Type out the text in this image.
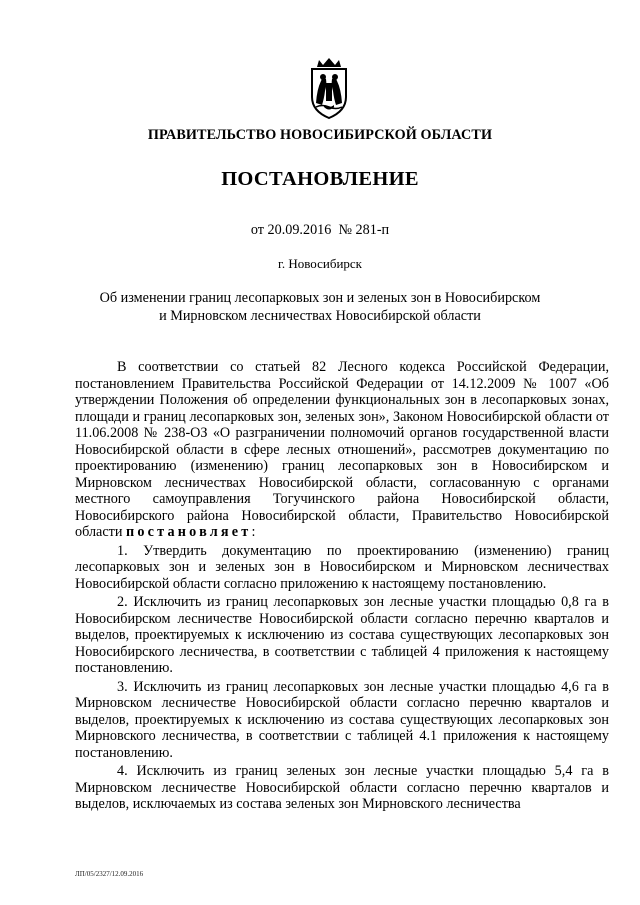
ПРАВИТЕЛЬСТВО НОВОСИБИРСКОЙ ОБЛАСТИ
ПОСТАНОВЛЕНИЕ
от 20.09.2016 № 281-п
г. Новосибирск
Об изменении границ лесопарковых зон и зеленых зон в Новосибирском
и Мирновском лесничествах Новосибирской области

В соответствии со статьей 82 Лесного кодекса Российской Федерации, постановлением Правительства Российской Федерации от 14.12.2009 № 1007 «Об утверждении Положения об определении функциональных зон в лесопарковых зонах, площади и границ лесопарковых зон, зеленых зон», Законом Новосибирской области от 11.06.2008 № 238-ОЗ «О разграничении полномочий органов государственной власти Новосибирской области в сфере лесных отношений», рассмотрев документацию по проектированию (изменению) границ лесопарковых зон в Новосибирском и Мирновском лесничествах Новосибирской области, согласованную с органами местного самоуправления Тогучинского района Новосибирской области, Новосибирского района Новосибирской области, Правительство Новосибирской области постановляет:

1. Утвердить документацию по проектированию (изменению) границ лесопарковых зон и зеленых зон в Новосибирском и Мирновском лесничествах Новосибирской области согласно приложению к настоящему постановлению.

2. Исключить из границ лесопарковых зон лесные участки площадью 0,8 га в Новосибирском лесничестве Новосибирской области согласно перечню кварталов и выделов, проектируемых к исключению из состава существующих лесопарковых зон Новосибирского лесничества, в соответствии с таблицей 4 приложения к настоящему постановлению.

3. Исключить из границ лесопарковых зон лесные участки площадью 4,6 га в Мирновском лесничестве Новосибирской области согласно перечню кварталов и выделов, проектируемых к исключению из состава существующих лесопарковых зон Мирновского лесничества, в соответствии с таблицей 4.1 приложения к настоящему постановлению.

4. Исключить из границ зеленых зон лесные участки площадью 5,4 га в Мирновском лесничестве Новосибирской области согласно перечню кварталов и выделов, исключаемых из состава зеленых зон Мирновского лесничества

ЛП/05/2327/12.09.2016
